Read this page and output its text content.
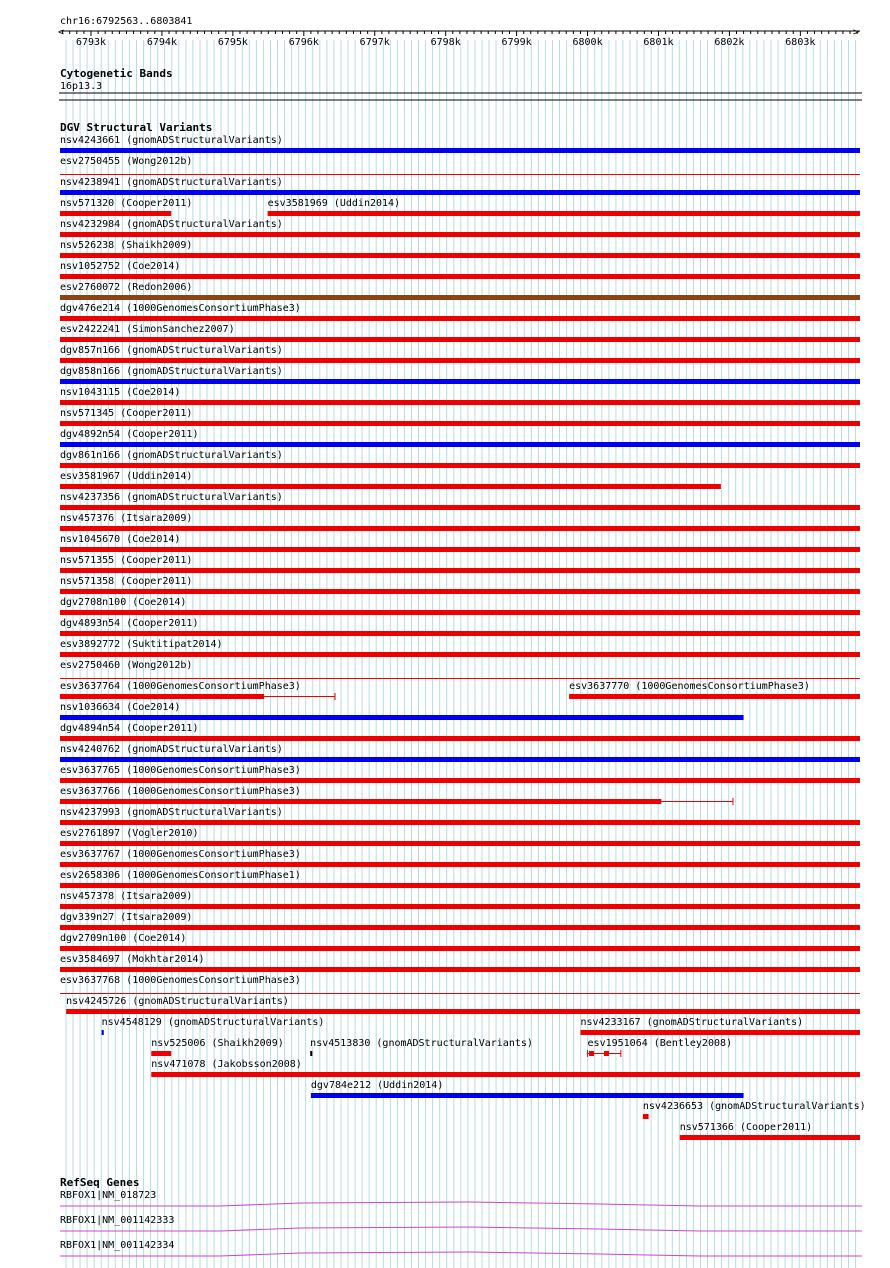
chr16:6792563..6803841
<	>
6793k	6794k	6795k	6796k	6797k	6798k	6799k	6800k	6801k	6802k	6803k
Cytogenetic Bands
16p13.3
DGV Structural Variants
nsv4243661 (gnomADStructuralVariants)
esv2750455 (Wong2012b)
nsv4238941 (gnomADStructuralVariants)
nsv571320 (Cooper2011)	esv3581969 (Uddin2014)
nsv4232984 (gnomADStructuralVariants)
nsv526238 (Shaikh2009)
nsv1052752 (Coe2014)
esv2760072 (Redon2006)
dgv476e214 (1000GenomesConsortiumPhase3)
esv2422241 (SimonSanchez2007)
dgv857n166 (gnomADStructuralVariants)
dgv858n166 (gnomADStructuralVariants)
nsv1043115 (Coe2014)
nsv571345 (Cooper2011)
dgv4892n54 (Cooper2011)
dgv861n166 (gnomADStructuralVariants)
esv3581967 (Uddin2014)
nsv4237356 (gnomADStructuralVariants)
nsv457376 (Itsara2009)
nsv1045670 (Coe2014)
nsv571355 (Cooper2011)
nsv571358 (Cooper2011)
dgv2708n100 (Coe2014)
dgv4893n54 (Cooper2011)
esv3892772 (Suktitipat2014)
esv2750460 (Wong2012b)
esv3637764 (1000GenomesConsortiumPhase3)	esv3637770 (1000GenomesConsortiumPhase3)
nsv1036634 (Coe2014)
dgv4894n54 (Cooper2011)
nsv4240762 (gnomADStructuralVariants)
esv3637765 (1000GenomesConsortiumPhase3)
esv3637766 (1000GenomesConsortiumPhase3)
nsv4237993 (gnomADStructuralVariants)
esv2761897 (Vogler2010)
esv3637767 (1000GenomesConsortiumPhase3)
esv2658306 (1000GenomesConsortiumPhase1)
nsv457378 (Itsara2009)
dgv339n27 (Itsara2009)
dgv2709n100 (Coe2014)
esv3584697 (Mokhtar2014)
esv3637768 (1000GenomesConsortiumPhase3)
nsv4245726 (gnomADStructuralVariants)
nsv4548129 (gnomADStructuralVariants)	nsv4233167 (gnomADStructuralVariants)
nsv525006 (Shaikh2009)	nsv4513830 (gnomADStructuralVariants)	esv1951064 (Bentley2008)
nsv471078 (Jakobsson2008)
dgv784e212 (Uddin2014)
nsv4236653 (gnomADStructuralVariants)
nsv571366 (Cooper2011)
RefSeq Genes
RBFOX1|NM_018723
RBFOX1|NM_001142333
RBFOX1|NM_001142334
